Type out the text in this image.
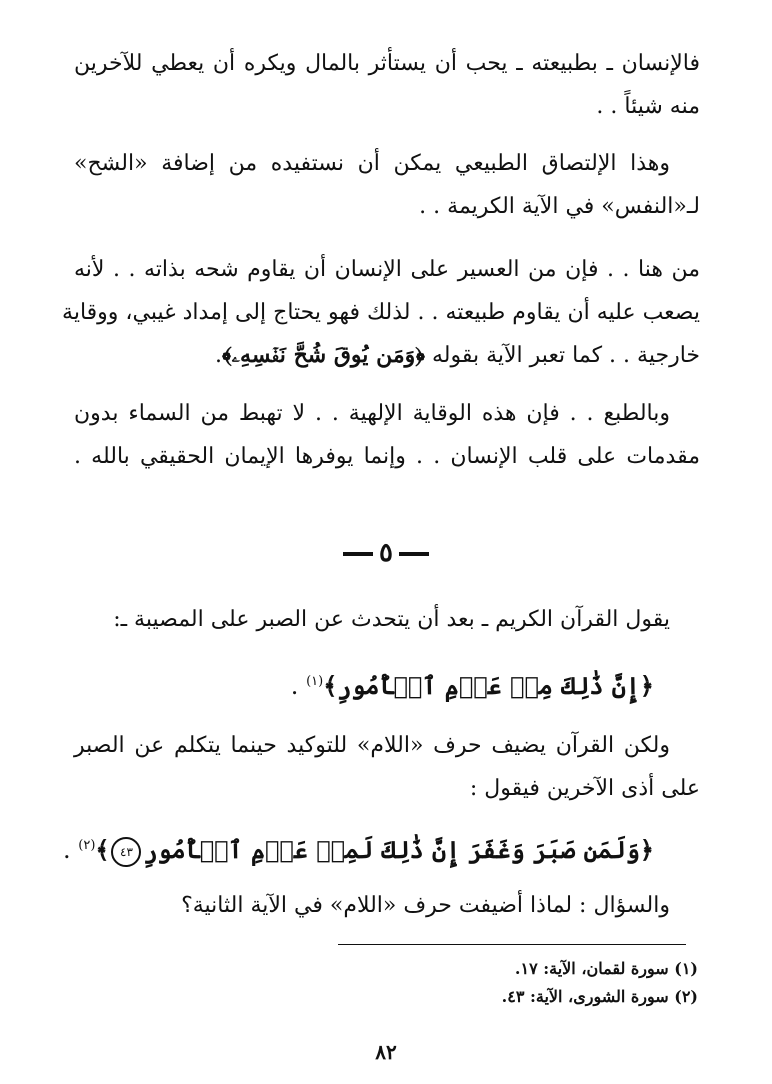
فالإنسان ـ بطبيعته ـ يحب أن يستأثر بالمال ويكره أن يعطي للآخرين
منه شيئاً . .

وهذا الإلتصاق الطبيعي يمكن أن نستفيده من إضافة «الشح»
لـ«النفس» في الآية الكريمة . .

من هنا . . فإن من العسير على الإنسان أن يقاوم شحه بذاته . . لأنه
يصعب عليه أن يقاوم طبيعته . . لذلك فهو يحتاج إلى إمداد غيبي، ووقاية
خارجية . . كما تعبر الآية بقوله ﴿وَمَن يُوقَ شُحَّ نَفۡسِهِۦ﴾.

وبالطبع . . فإن هذه الوقاية الإلهية . . لا تهبط من السماء بدون
مقدمات على قلب الإنسان . . وإنما يوفرها الإيمان الحقيقي بالله .

٥

يقول القرآن الكريم ـ بعد أن يتحدث عن الصبر على المصيبة ـ:

﴿إِنَّ ذَٰلِكَ مِنۡ عَزۡمِ ٱلۡأُمُورِ﴾$^{(١)}$ .

ولكن القرآن يضيف حرف «اللام» للتوكيد حينما يتكلم عن الصبر
على أذى الآخرين فيقول :

﴿وَلَمَن صَبَرَ وَغَفَرَ إِنَّ ذَٰلِكَ لَمِنۡ عَزۡمِ ٱلۡأُمُورِ٤٣﴾$^{(٢)}$ .

والسؤال : لماذا أضيفت حرف «اللام» في الآية الثانية؟

(١) سورة لقمان، الآية: ١٧.
(٢) سورة الشورى، الآية: ٤٣.
٨٢
